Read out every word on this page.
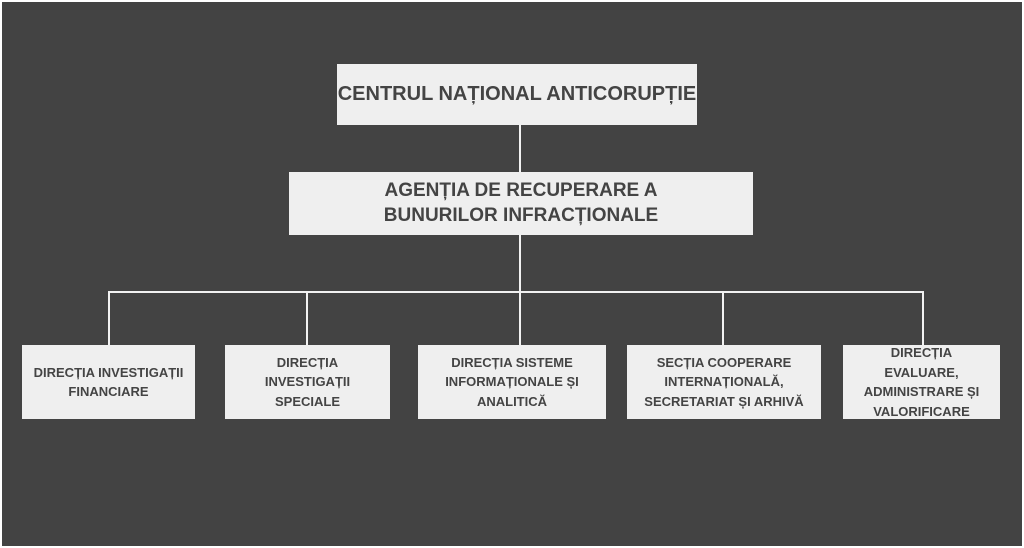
CENTRUL NAȚIONAL ANTICORUPȚIE
AGENȚIA DE RECUPERARE A BUNURILOR INFRACȚIONALE
DIRECȚIA INVESTIGAȚII FINANCIARE
DIRECȚIA INVESTIGAȚII SPECIALE
DIRECȚIA SISTEME INFORMAȚIONALE ȘI ANALITICĂ
SECȚIA COOPERARE INTERNAȚIONALĂ, SECRETARIAT ȘI ARHIVĂ
DIRECȚIA EVALUARE, ADMINISTRARE ȘI VALORIFICARE
